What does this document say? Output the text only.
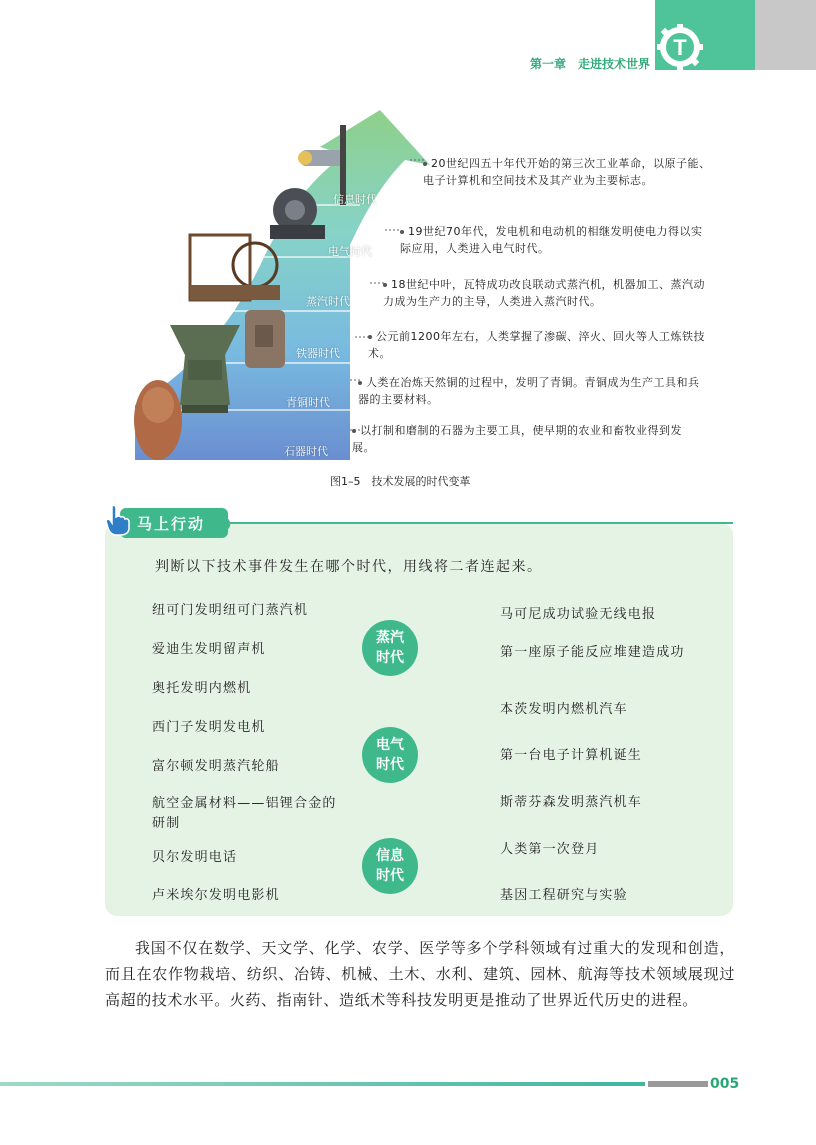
T
第一章 走进技术世界
信息时代
电气时代
蒸汽时代
铁器时代
青铜时代
石器时代
20世纪四五十年代开始的第三次工业革命，以原子能、电子计算机和空间技术及其产业为主要标志。
19世纪70年代，发电机和电动机的相继发明使电力得以实际应用，人类进入电气时代。
18世纪中叶，瓦特成功改良联动式蒸汽机，机器加工、蒸汽动力成为生产力的主导，人类进入蒸汽时代。
公元前1200年左右，人类掌握了渗碳、淬火、回火等人工炼铁技术。
人类在冶炼天然铜的过程中，发明了青铜。青铜成为生产工具和兵器的主要材料。
以打制和磨制的石器为主要工具，使早期的农业和畜牧业得到发展。
图1–5　技术发展的时代变革
马上行动
判断以下技术事件发生在哪个时代，用线将二者连起来。
纽可门发明纽可门蒸汽机
爱迪生发明留声机
奥托发明内燃机
西门子发明发电机
富尔顿发明蒸汽轮船
航空金属材料——铝锂合金的研制
贝尔发明电话
卢米埃尔发明电影机
蒸汽
时代
电气
时代
信息
时代
马可尼成功试验无线电报
第一座原子能反应堆建造成功
本茨发明内燃机汽车
第一台电子计算机诞生
斯蒂芬森发明蒸汽机车
人类第一次登月
基因工程研究与实验
我国不仅在数学、天文学、化学、农学、医学等多个学科领域有过重大的发现和创造，而且在农作物栽培、纺织、冶铸、机械、土木、水利、建筑、园林、航海等技术领域展现过高超的技术水平。火药、指南针、造纸术等科技发明更是推动了世界近代历史的进程。
005
